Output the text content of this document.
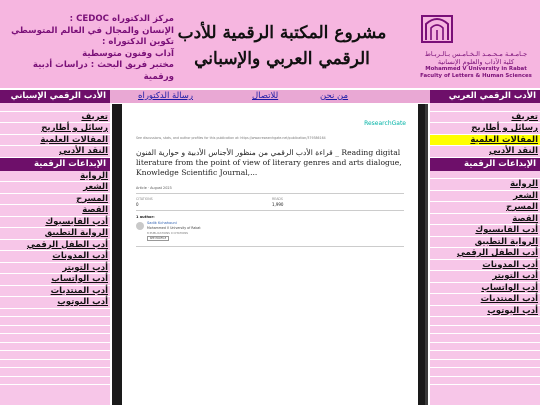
مركز الدكتوراه CEDOC :
الإنسان والمجال في العالم المتوسطي
تكوين الدكتوراه :
آداب وفنون متوسطية
مختبر فريق البحث : دراسات أدبية ورقمية
مشروع المكتبة الرقمية للأدب
الرقمي العربي والإسباني	جـامـعـة مـحـمـد الـخـامـس بـالـربـاط
كلية الآداب والعلوم الإنسانية
Mohammed V University in Rabat
Faculty of Letters & Human Sciences
من نحن
للاتصال
رسالة الدكتوراه	الأدب الرقمي العربي
تعريف
رسائل و أطاريح
المقالات العلمية
النقد الأدبي
الإبداعات الرقمية
الرواية
الشعر
المسرح
القصة
أدب الفايسبوك
الرواية التطبيق
أدب الطفل الرقمي
أدب المدونات
أدب التويتر
أدب الواتساب
أدب المنتديات
أدب اليوتوب
الأدب الرقمي الإسباني
تعريف
رسائل و أطاريح
المقالات العلمية
النقد الأدبي
الإبداعات الرقمية
الرواية
الشعر
المسرح
القصة
أدب الفايسبوك
الرواية التطبيق
أدب الطفل الرقمي
أدب المدونات
أدب التويتر
أدب الواتساب
أدب المنتديات
أدب اليوتوب
ResearchGate
See discussions, stats, and author profiles for this publication at: https://www.researchgate.net/publication/379386164
قراءة الأدب الرقمي من منظور الأجناس الأدبية و حوارية الفنون _ Reading digital literature from the point of view of literary genres and arts dialogue, Knowledge Scientific Journal,...
Article · August 2023
CITATIONS
0
READS
1,990
1 author:
Sadik Kchahouni
Mohammed V University of Rabat
8 PUBLICATIONS 0 CITATIONS
SEE PROFILE
